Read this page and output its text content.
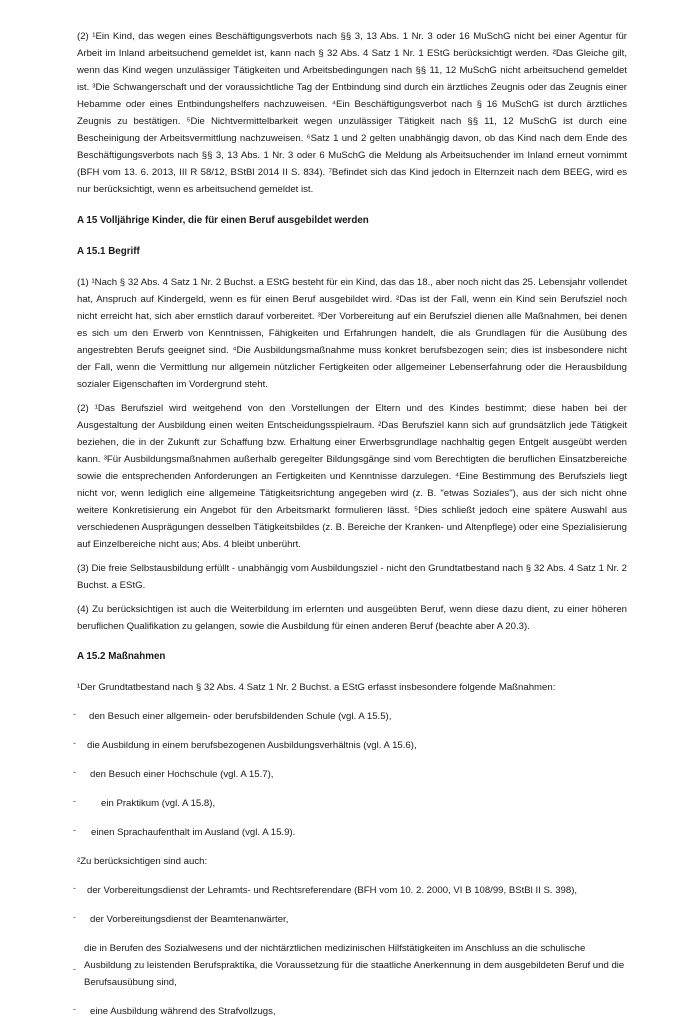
(2) ¹Ein Kind, das wegen eines Beschäftigungsverbots nach §§ 3, 13 Abs. 1 Nr. 3 oder 16 MuSchG nicht bei einer Agentur für Arbeit im Inland arbeitsuchend gemeldet ist, kann nach § 32 Abs. 4 Satz 1 Nr. 1 EStG berücksichtigt werden. ²Das Gleiche gilt, wenn das Kind wegen unzulässiger Tätigkeiten und Arbeitsbedingungen nach §§ 11, 12 MuSchG nicht arbeitsuchend gemeldet ist. ³Die Schwangerschaft und der voraussichtliche Tag der Entbindung sind durch ein ärztliches Zeugnis oder das Zeugnis einer Hebamme oder eines Entbindungshelfers nachzuweisen. ⁴Ein Beschäftigungsverbot nach § 16 MuSchG ist durch ärztliches Zeugnis zu bestätigen. ⁵Die Nichtvermittelbarkeit wegen unzulässiger Tätigkeit nach §§ 11, 12 MuSchG ist durch eine Bescheinigung der Arbeitsvermittlung nachzuweisen. ⁶Satz 1 und 2 gelten unabhängig davon, ob das Kind nach dem Ende des Beschäftigungsverbots nach §§ 3, 13 Abs. 1 Nr. 3 oder 6 MuSchG die Meldung als Arbeitsuchender im Inland erneut vornimmt (BFH vom 13. 6. 2013, III R 58/12, BStBl 2014 II S. 834). ⁷Befindet sich das Kind jedoch in Elternzeit nach dem BEEG, wird es nur berücksichtigt, wenn es arbeitsuchend gemeldet ist.

A 15 Volljährige Kinder, die für einen Beruf ausgebildet werden

A 15.1 Begriff

(1) ¹Nach § 32 Abs. 4 Satz 1 Nr. 2 Buchst. a EStG besteht für ein Kind, das das 18., aber noch nicht das 25. Lebensjahr vollendet hat, Anspruch auf Kindergeld, wenn es für einen Beruf ausgebildet wird. ²Das ist der Fall, wenn ein Kind sein Berufsziel noch nicht erreicht hat, sich aber ernstlich darauf vorbereitet. ³Der Vorbereitung auf ein Berufsziel dienen alle Maßnahmen, bei denen es sich um den Erwerb von Kenntnissen, Fähigkeiten und Erfahrungen handelt, die als Grundlagen für die Ausübung des angestrebten Berufs geeignet sind. ⁴Die Ausbildungsmaßnahme muss konkret berufsbezogen sein; dies ist insbesondere nicht der Fall, wenn die Vermittlung nur allgemein nützlicher Fertigkeiten oder allgemeiner Lebenserfahrung oder die Herausbildung sozialer Eigenschaften im Vordergrund steht.

(2) ¹Das Berufsziel wird weitgehend von den Vorstellungen der Eltern und des Kindes bestimmt; diese haben bei der Ausgestaltung der Ausbildung einen weiten Entscheidungsspielraum. ²Das Berufsziel kann sich auf grundsätzlich jede Tätigkeit beziehen, die in der Zukunft zur Schaffung bzw. Erhaltung einer Erwerbsgrundlage nachhaltig gegen Entgelt ausgeübt werden kann. ³Für Ausbildungsmaßnahmen außerhalb geregelter Bildungsgänge sind vom Berechtigten die beruflichen Einsatzbereiche sowie die entsprechenden Anforderungen an Fertigkeiten und Kenntnisse darzulegen. ⁴Eine Bestimmung des Berufsziels liegt nicht vor, wenn lediglich eine allgemeine Tätigkeitsrichtung angegeben wird (z. B. "etwas Soziales"), aus der sich nicht ohne weitere Konkretisierung ein Angebot für den Arbeitsmarkt formulieren lässt. ⁵Dies schließt jedoch eine spätere Auswahl aus verschiedenen Ausprägungen desselben Tätigkeitsbildes (z. B. Bereiche der Kranken- und Altenpflege) oder eine Spezialisierung auf Einzelbereiche nicht aus; Abs. 4 bleibt unberührt.

(3) Die freie Selbstausbildung erfüllt - unabhängig vom Ausbildungsziel - nicht den Grundtatbestand nach § 32 Abs. 4 Satz 1 Nr. 2 Buchst. a EStG.

(4) Zu berücksichtigen ist auch die Weiterbildung im erlernten und ausgeübten Beruf, wenn diese dazu dient, zu einer höheren beruflichen Qualifikation zu gelangen, sowie die Ausbildung für einen anderen Beruf (beachte aber A 20.3).

A 15.2 Maßnahmen

¹Der Grundtatbestand nach § 32 Abs. 4 Satz 1 Nr. 2 Buchst. a EStG erfasst insbesondere folgende Maßnahmen:

- den Besuch einer allgemein- oder berufsbildenden Schule (vgl. A 15.5),
- die Ausbildung in einem berufsbezogenen Ausbildungsverhältnis (vgl. A 15.6),
- den Besuch einer Hochschule (vgl. A 15.7),
-	ein Praktikum (vgl. A 15.8),
- einen Sprachaufenthalt im Ausland (vgl. A 15.9).

²Zu berücksichtigen sind auch:

- der Vorbereitungsdienst der Lehramts- und Rechtsreferendare (BFH vom 10. 2. 2000, VI B 108/99, BStBl II S. 398),
- der Vorbereitungsdienst der Beamtenanwärter,
-
die in Berufen des Sozialwesens und der nichtärztlichen medizinischen Hilfstätigkeiten im Anschluss an die schulische Ausbildung zu leistenden Berufspraktika, die Voraussetzung für die staatliche Anerkennung in dem ausgebildeten Beruf und die Berufsausübung sind,
- eine Ausbildung während des Strafvollzugs,
